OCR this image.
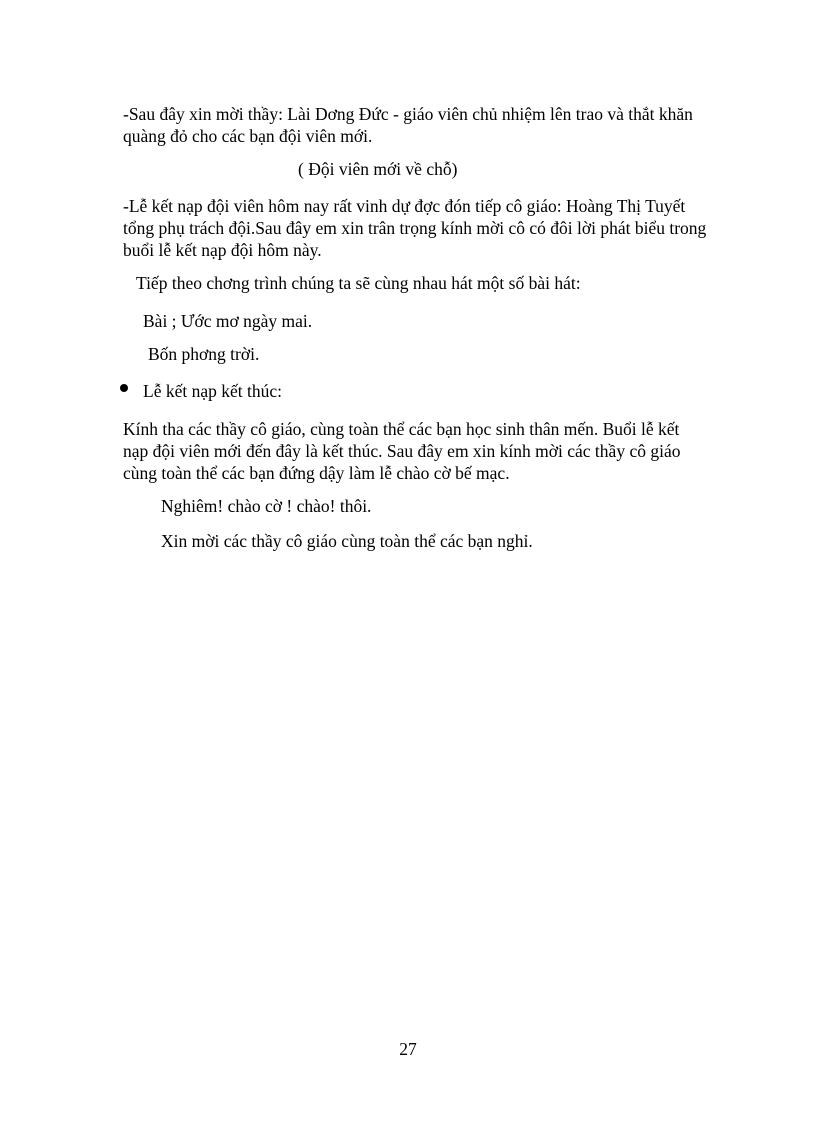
-Sau đây xin mời thầy: Lài Dơng Đức - giáo viên chủ nhiệm lên trao và thắt khăn

quàng đỏ cho các bạn đội viên mới.

( Đội viên mới về chỗ)

-Lễ kết nạp đội viên hôm nay rất vinh dự đợc đón tiếp cô giáo: Hoàng Thị Tuyết

tổng phụ trách đội.Sau đây em xin trân trọng kính mời cô có đôi lời phát biểu trong

buổi lễ kết nạp đội hôm này.

Tiếp theo chơng trình chúng ta sẽ cùng nhau hát một số bài hát:

Bài ; Ước mơ ngày mai.

Bốn phơng trời.

Lễ kết nạp kết thúc:

Kính tha các thầy cô giáo, cùng toàn thể các bạn học sinh thân mến. Buổi lễ kết

nạp đội viên mới đến đây là kết thúc. Sau đây em xin kính mời các thầy cô giáo

cùng toàn thể các bạn đứng dậy làm lễ chào cờ bế mạc.

Nghiêm! chào cờ ! chào! thôi.

Xin mời các thầy cô giáo cùng toàn thể các bạn nghỉ.

27
